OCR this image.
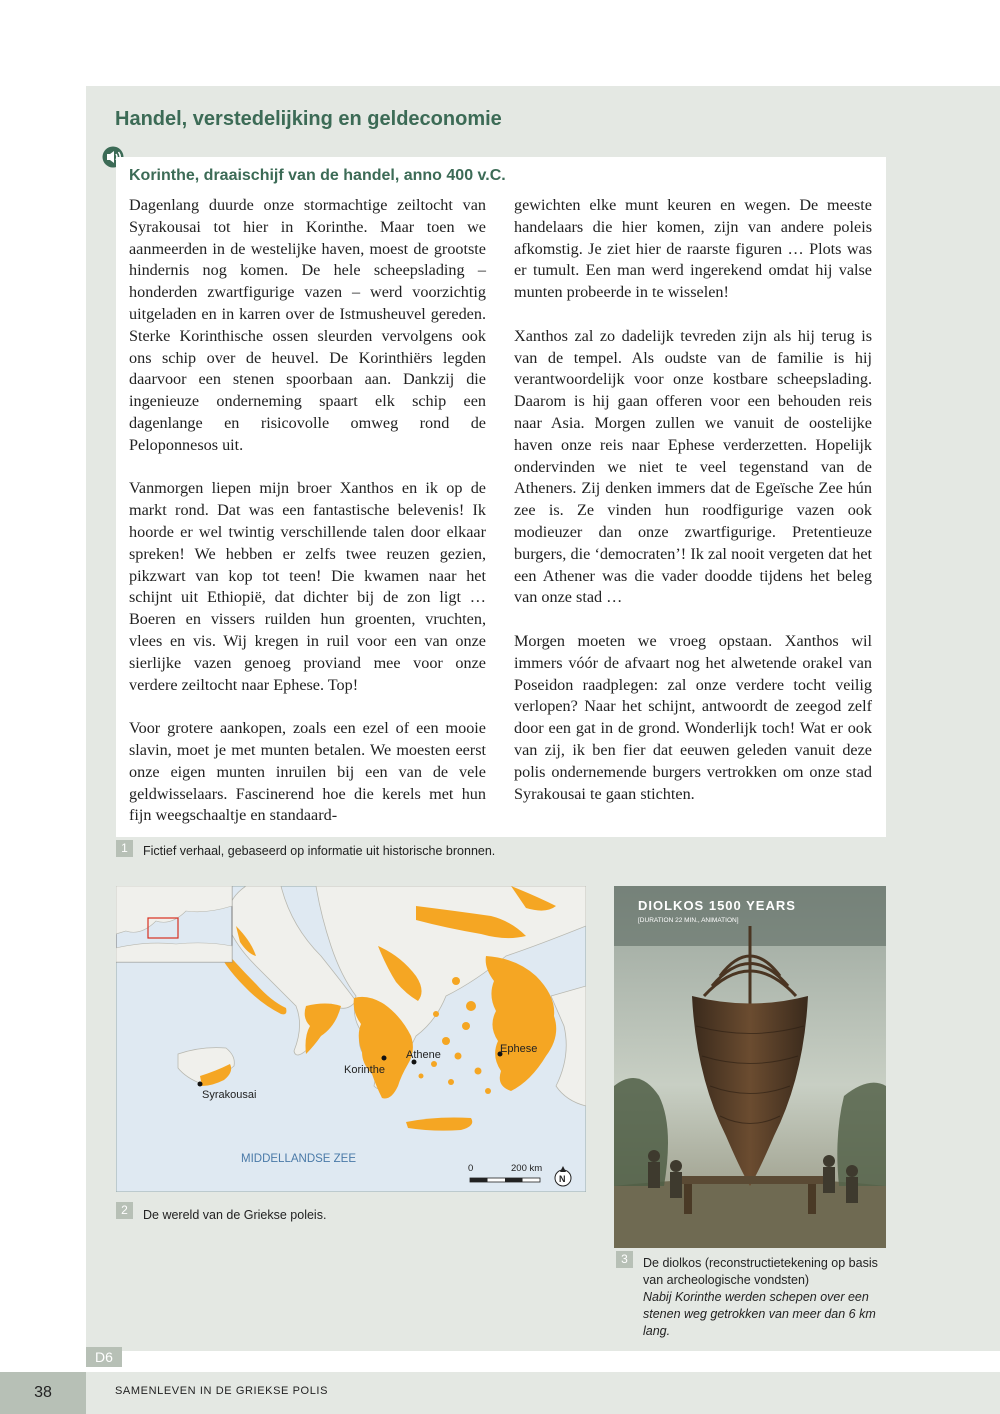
Handel, verstedelijking en geldeconomie
Korinthe, draaischijf van de handel, anno 400 v.C.

Dagenlang duurde onze stormachtige zeiltocht van Syrakousai tot hier in Korinthe. Maar toen we aanmeerden in de westelijke haven, moest de grootste hindernis nog komen. De hele scheepslading – honderden zwartfigurige vazen – werd voorzichtig uitgeladen en in karren over de Istmusheuvel gereden. Sterke Korinthische ossen sleurden vervolgens ook ons schip over de heuvel. De Korinthiërs legden daarvoor een stenen spoorbaan aan. Dankzij die ingenieuze onderneming spaart elk schip een dagenlange en risicovolle omweg rond de Peloponnesos uit.

Vanmorgen liepen mijn broer Xanthos en ik op de markt rond. Dat was een fantastische belevenis! Ik hoorde er wel twintig verschillende talen door elkaar spreken! We hebben er zelfs twee reuzen gezien, pikzwart van kop tot teen! Die kwamen naar het schijnt uit Ethiopië, dat dichter bij de zon ligt … Boeren en vissers ruilden hun groenten, vruchten, vlees en vis. Wij kregen in ruil voor een van onze sierlijke vazen genoeg proviand mee voor onze verdere zeiltocht naar Ephese. Top!

Voor grotere aankopen, zoals een ezel of een mooie slavin, moet je met munten betalen. We moesten eerst onze eigen munten inruilen bij een van de vele geldwisselaars. Fascinerend hoe die kerels met hun fijn weegschaaltje en standaard-

gewichten elke munt keuren en wegen. De meeste handelaars die hier komen, zijn van andere poleis afkomstig. Je ziet hier de raarste figuren … Plots was er tumult. Een man werd ingerekend omdat hij valse munten probeerde in te wisselen!

Xanthos zal zo dadelijk tevreden zijn als hij terug is van de tempel. Als oudste van de familie is hij verantwoordelijk voor onze kostbare scheepslading. Daarom is hij gaan offeren voor een behouden reis naar Asia. Morgen zullen we vanuit de oostelijke haven onze reis naar Ephese verderzetten. Hopelijk ondervinden we niet te veel tegenstand van de Atheners. Zij denken immers dat de Egeïsche Zee hún zee is. Ze vinden hun roodfigurige vazen ook modieuzer dan onze zwartfigurige. Pretentieuze burgers, die ‘democraten’! Ik zal nooit vergeten dat het een Athener was die vader doodde tijdens het beleg van onze stad …

Morgen moeten we vroeg opstaan. Xanthos wil immers vóór de afvaart nog het alwetende orakel van Poseidon raadplegen: zal onze verdere tocht veilig verlopen? Naar het schijnt, antwoordt de zeegod zelf door een gat in de grond. Wonderlijk toch! Wat er ook van zij, ik ben fier dat eeuwen geleden vanuit deze polis ondernemende burgers vertrokken om onze stad Syrakousai te gaan stichten.

1	Fictief verhaal, gebaseerd op informatie uit historische bronnen.
Syrakousai
Korinthe
Athene	Ephese
MIDDELLANDSE ZEE
0	200 km
N
2	De wereld van de Griekse poleis.
DIOLKOS 1500 YEARS
[DURATION 22 MIN., ANIMATION]
3	De diolkos (reconstructietekening op basis van archeologische vondsten)
Nabij Korinthe werden schepen over een stenen weg getrokken van meer dan 6 km lang.
D6
38	SAMENLEVEN IN DE GRIEKSE POLIS
